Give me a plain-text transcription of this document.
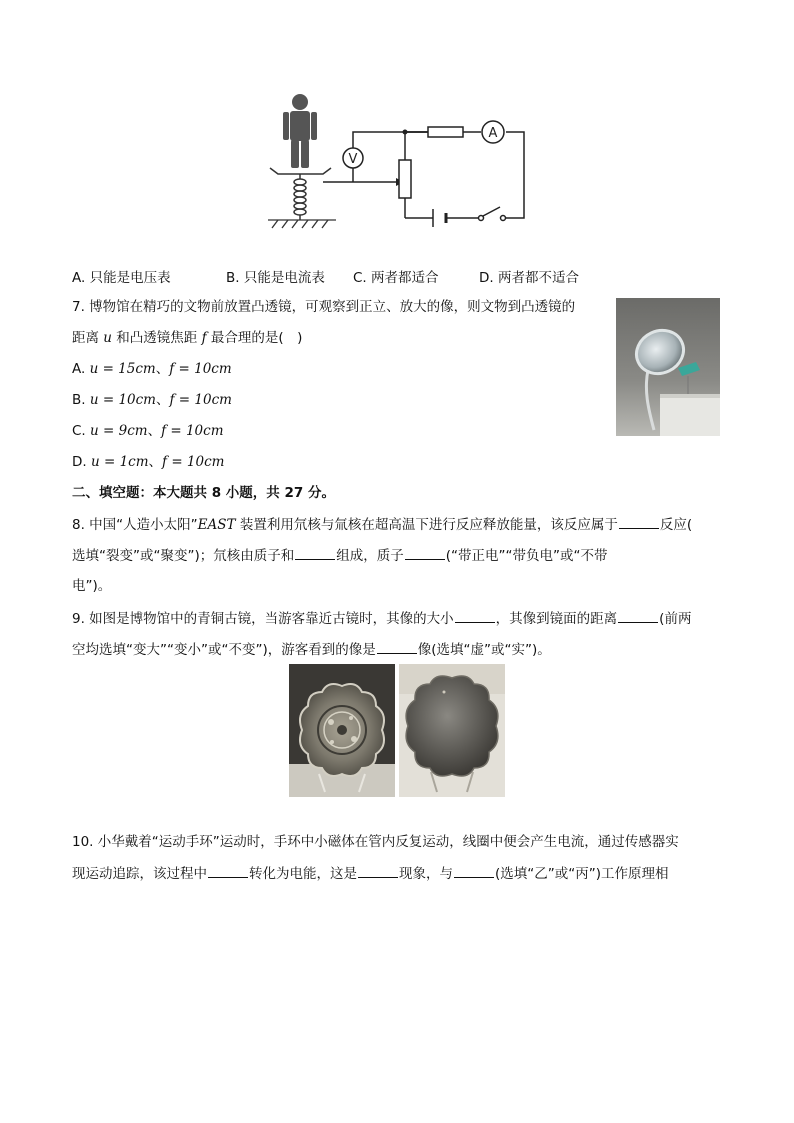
V
A
A. 只能是电压表	B. 只能是电流表 C. 两者都适合	D. 两者都不适合
7. 博物馆在精巧的文物前放置凸透镜，可观察到正立、放大的像，则文物到凸透镜的
距离 u 和凸透镜焦距 f 最合理的是(　)
A. u = 15cm、f = 10cm
B. u = 10cm、f = 10cm
C. u = 9cm、f = 10cm
D. u = 1cm、f = 10cm
二、填空题：本大题共 8 小题，共 27 分。
8. 中国“人造小太阳”EAST 装置利用氘核与氚核在超高温下进行反应释放能量，该反应属于	反应(
选填“裂变”或“聚变”)；氘核由质子和	组成，质子	(“带正电”“带负电”或“不带
电”)。
9. 如图是博物馆中的青铜古镜，当游客靠近古镜时，其像的大小	，其像到镜面的距离	(前两
空均选填“变大”“变小”或“不变”)，游客看到的像是	像(选填“虚”或“实”)。
10. 小华戴着“运动手环”运动时，手环中小磁体在管内反复运动，线圈中便会产生电流，通过传感器实
现运动追踪，该过程中	转化为电能，这是	现象，与	(选填“乙”或“丙”)工作原理相
